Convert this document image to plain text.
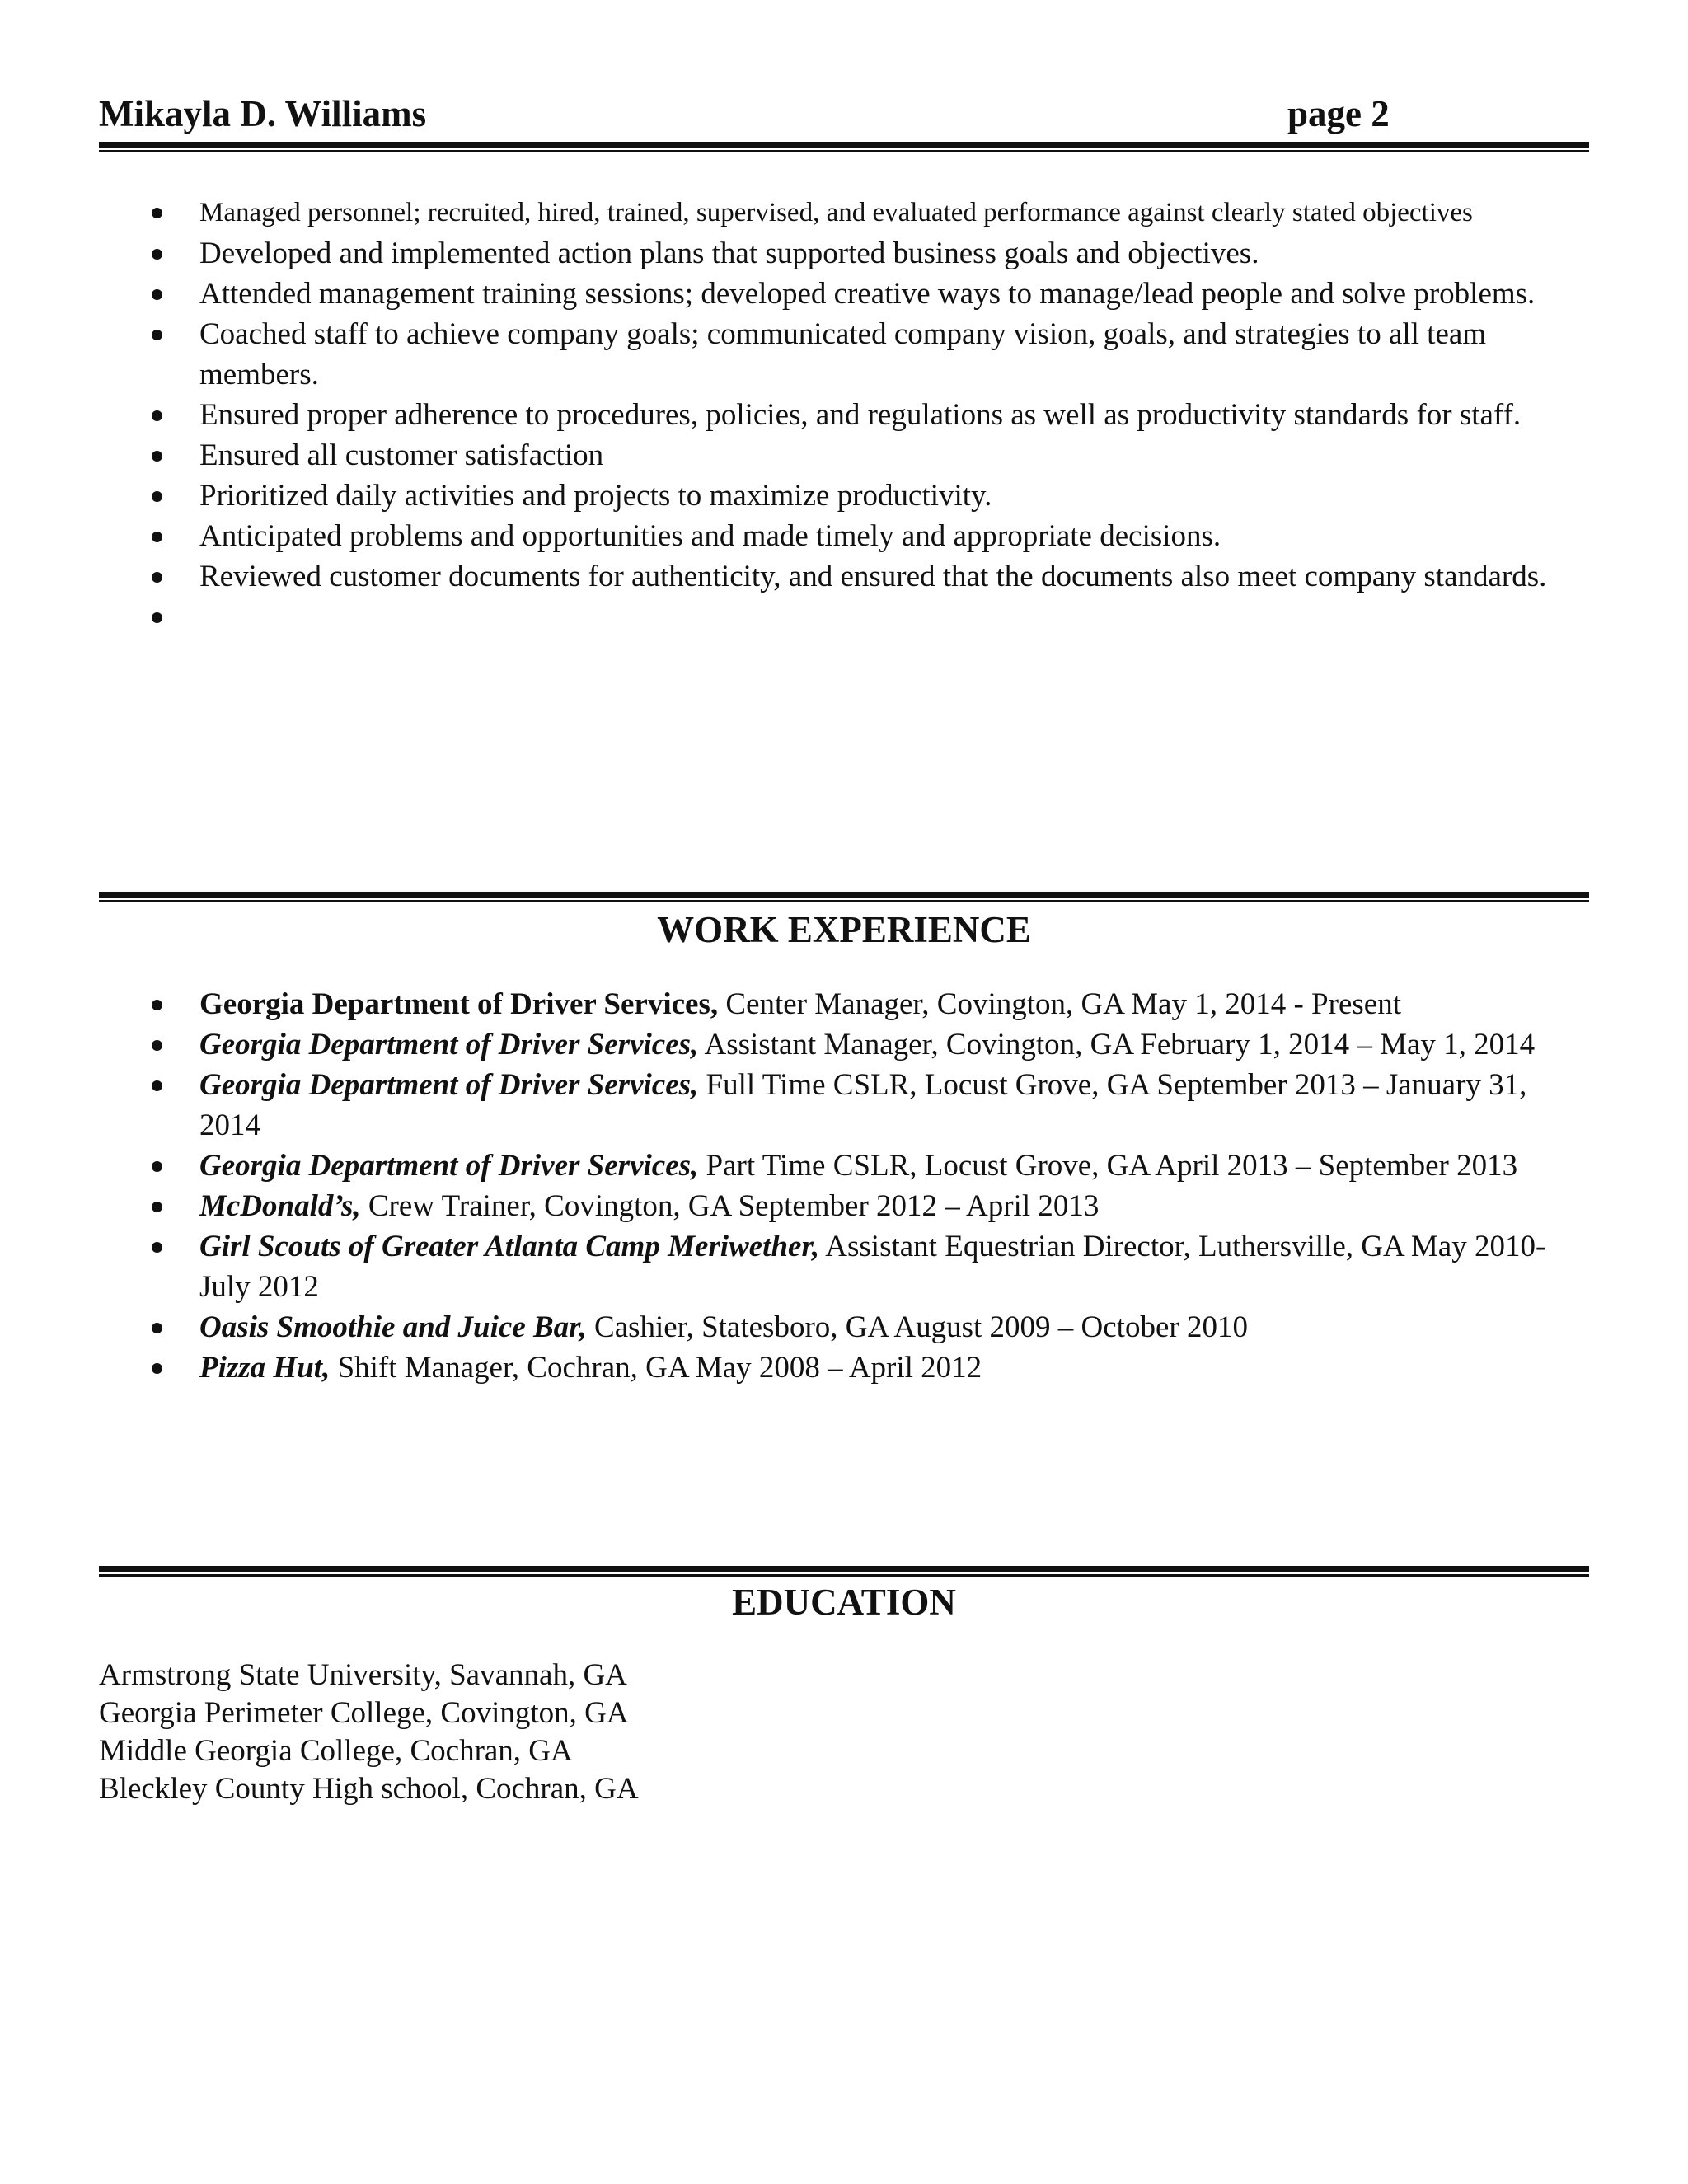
Mikayla D. Williams	page 2
Managed personnel; recruited, hired, trained, supervised, and evaluated performance against clearly stated objectives
Developed and implemented action plans that supported business goals and objectives.
Attended management training sessions; developed creative ways to manage/lead people and solve problems.
Coached staff to achieve company goals; communicated company vision, goals, and strategies to all team members.
Ensured proper adherence to procedures, policies, and regulations as well as productivity standards for staff.
Ensured all customer satisfaction
Prioritized daily activities and projects to maximize productivity.
Anticipated problems and opportunities and made timely and appropriate decisions.
Reviewed customer documents for authenticity, and ensured that the documents also meet company standards.

WORK EXPERIENCE
Georgia Department of Driver Services, Center Manager, Covington, GA May 1, 2014 - Present
Georgia Department of Driver Services, Assistant Manager, Covington, GA February 1, 2014 – May 1, 2014
Georgia Department of Driver Services, Full Time CSLR, Locust Grove, GA September 2013 – January 31, 2014
Georgia Department of Driver Services, Part Time CSLR, Locust Grove, GA April 2013 – September 2013
McDonald’s, Crew Trainer, Covington, GA September 2012 – April 2013
Girl Scouts of Greater Atlanta Camp Meriwether, Assistant Equestrian Director, Luthersville, GA May 2010- July 2012
Oasis Smoothie and Juice Bar, Cashier, Statesboro, GA August 2009 – October 2010
Pizza Hut, Shift Manager, Cochran, GA May 2008 – April 2012
EDUCATION
Armstrong State University, Savannah, GA
Georgia Perimeter College, Covington, GA
Middle Georgia College, Cochran, GA
Bleckley County High school, Cochran, GA
